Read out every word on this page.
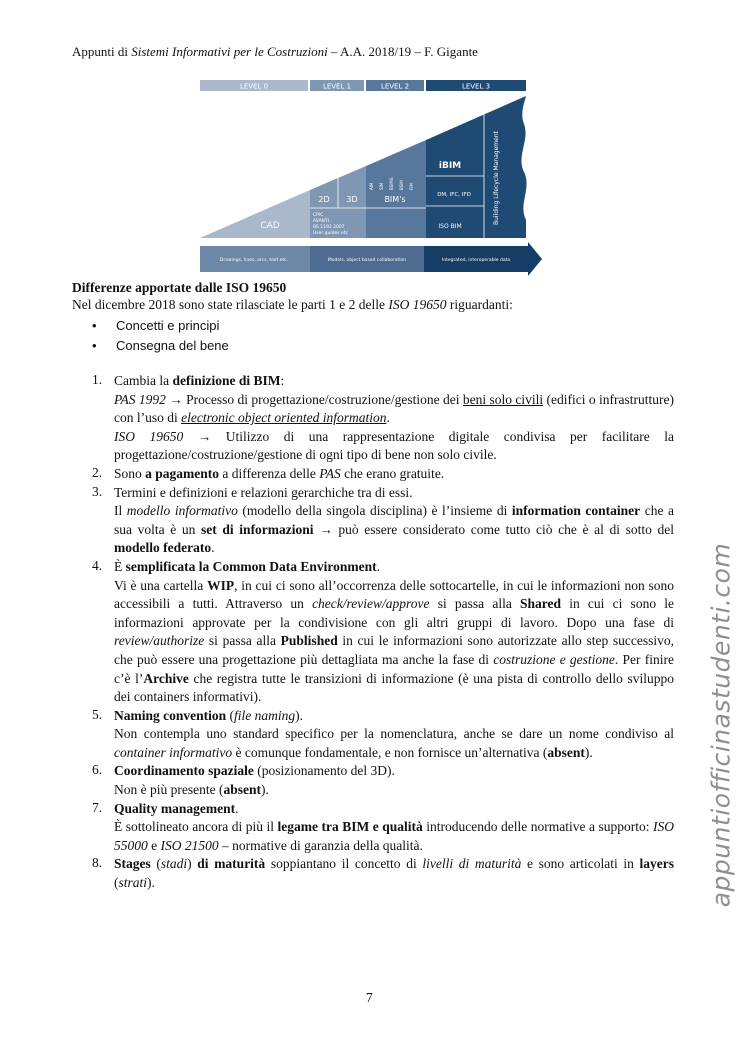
Appunti di Sistemi Informativi per le Costruzioni – A.A. 2018/19 – F. Gigante
LEVEL 0	LEVEL 1	LEVEL 2	LEVEL 3
CAD
2D 3D	BIM's
iBIM
DM, IFC, IFD
ISO BIM
Building Lifecycle Management
AIM SIM BSIMS BSIM FIM
CPIC
AVANTI
BS 1192 2007
User guides etc
Drawings, lines, arcs, text etc.	Models, object based collaboration	Integrated, interoperable data
Differenze apportate dalle ISO 19650
Nel dicembre 2018 sono state rilasciate le parti 1 e 2 delle ISO 19650 riguardanti:
• Concetti e principi
• Consegna del bene
1. Cambia la definizione di BIM:

PAS 1992 → Processo di progettazione/costruzione/gestione dei beni solo civili (edifici o infrastrutture) con l’uso di electronic object oriented information.

ISO 19650 → Utilizzo di una rappresentazione digitale condivisa per facilitare la progettazione/costruzione/gestione di ogni tipo di bene non solo civile.

2. Sono a pagamento a differenza delle PAS che erano gratuite.

3. Termini e definizioni e relazioni gerarchiche tra di essi.

Il modello informativo (modello della singola disciplina) è l’insieme di information container che a sua volta è un set di informazioni → può essere considerato come tutto ciò che è al di sotto del modello federato.

4. È semplificata la Common Data Environment.

Vi è una cartella WIP, in cui ci sono all’occorrenza delle sottocartelle, in cui le informazioni non sono accessibili a tutti. Attraverso un check/review/approve si passa alla Shared in cui ci sono le informazioni approvate per la condivisione con gli altri gruppi di lavoro. Dopo una fase di review/authorize si passa alla Published in cui le informazioni sono autorizzate allo step successivo, che può essere una progettazione più dettagliata ma anche la fase di costruzione e gestione. Per finire c’è l’Archive che registra tutte le transizioni di informazione (è una pista di controllo dello sviluppo dei containers informativi).

5. Naming convention (file naming).

Non contempla uno standard specifico per la nomenclatura, anche se dare un nome condiviso al container informativo è comunque fondamentale, e non fornisce un’alternativa (absent).

6. Coordinamento spaziale (posizionamento del 3D).

Non è più presente (absent).

7. Quality management.

È sottolineato ancora di più il legame tra BIM e qualità introducendo delle normative a supporto: ISO 55000 e ISO 21500 – normative di garanzia della qualità.

8. Stages (stadi) di maturità soppiantano il concetto di livelli di maturità e sono articolati in layers (strati).

7
appuntiofficinastudenti.com
